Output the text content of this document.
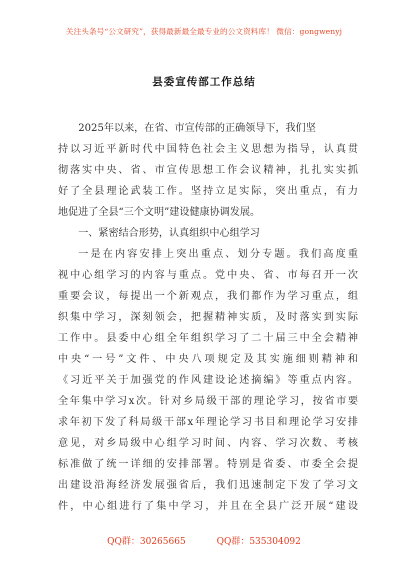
关注头条号“公文研究”，获得最新最全最专业的公文资料库！ 微信：gongwenyj
县委宣传部工作总结
2025年以来，在省、市宣传部的正确领导下，我们坚
持以习近平新时代中国特色社会主义思想为指导，认真贯
彻落实中央、省、市宣传思想工作会议精神，扎扎实实抓
好了全县理论武装工作。坚持立足实际，突出重点，有力
地促进了全县“三个文明”建设健康协调发展。
一、紧密结合形势，认真组织中心组学习
一是在内容安排上突出重点、划分专题。我们高度重
视中心组学习的内容与重点。党中央、省、市每召开一次
重要会议，每提出一个新观点，我们都作为学习重点，组
织集中学习，深刻领会，把握精神实质，及时落实到实际
工作中。县委中心组全年组织学习了二十届三中全会精神
中央“一号”文件、中央八项规定及其实施细则精神和
《习近平关于加强党的作风建设论述摘编》等重点内容。
全年集中学习x次。针对乡局级干部的理论学习，按省市要
求年初下发了科局级干部x年理论学习书目和理论学习安排
意见，对乡局级中心组学习时间、内容、学习次数、考核
标准做了统一详细的安排部署。特别是省委、市委全会提
出建设沿海经济发展强省后，我们迅速制定下发了学习文
件，中心组进行了集中学习，并且在全县广泛开展“建设
QQ群：30265665	QQ群：535304092
